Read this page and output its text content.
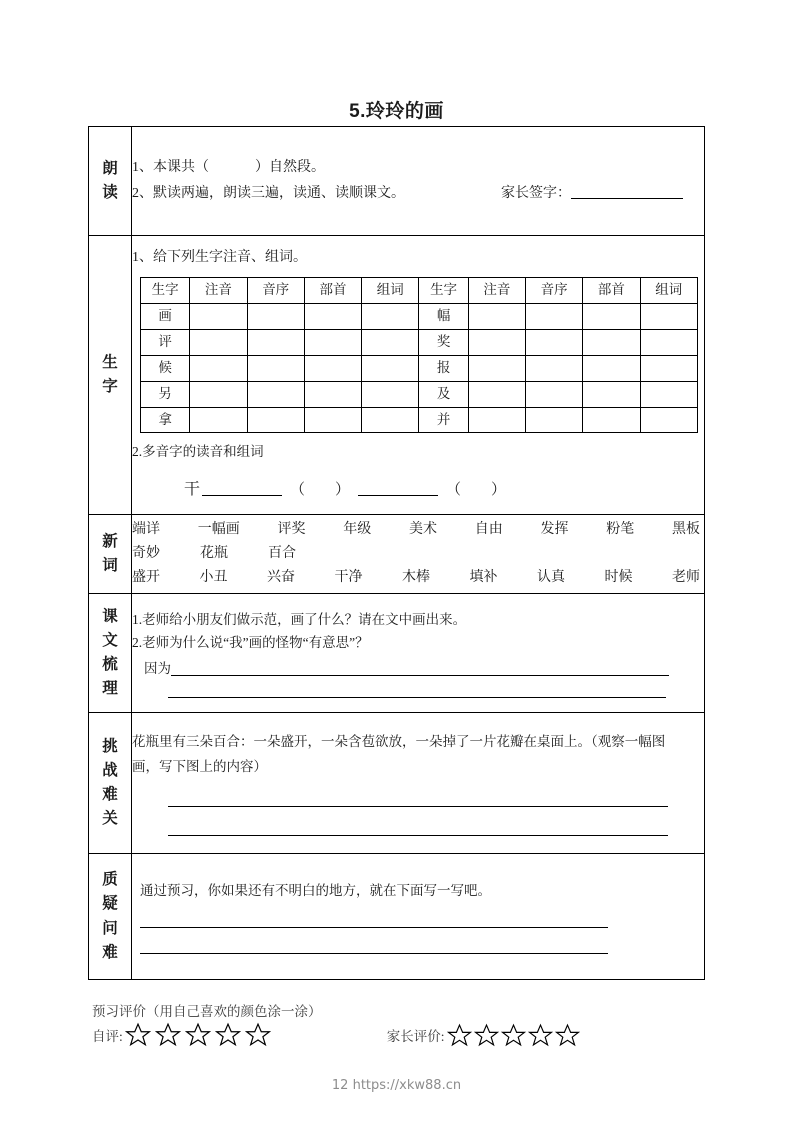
5.玲玲的画
朗
读

1、本课共（	）自然段。
2、默读两遍，朗读三遍，读通、读顺课文。	家长签字：

生
字

1、给下列生字注音、组词。
生字	注音	音序	部首	组词	生字	注音	音序	部首	组词
画					幅				
评					奖				
候					报				
另					及				
拿					并				
2.多音字的读音和组词
干	（ ）	（ ）

新
词

端详	一幅画	评奖	年级	美术	自由	发挥	粉笔	黑板
奇妙	花瓶	百合
盛开	小丑	兴奋	干净	木棒	填补	认真	时候	老师

课
文
梳
理

1.老师给小朋友们做示范，画了什么？请在文中画出来。
2.老师为什么说“我”画的怪物“有意思”？
因为

挑
战
难
关

花瓶里有三朵百合：一朵盛开，一朵含苞欲放，一朵掉了一片花瓣在桌面上。（观察一幅图画，写下图上的内容）

质
疑
问
难

通过预习，你如果还有不明白的地方，就在下面写一写吧。
预习评价（用自己喜欢的颜色涂一涂）
自评:	家长评价:
12 https://xkw88.cn
